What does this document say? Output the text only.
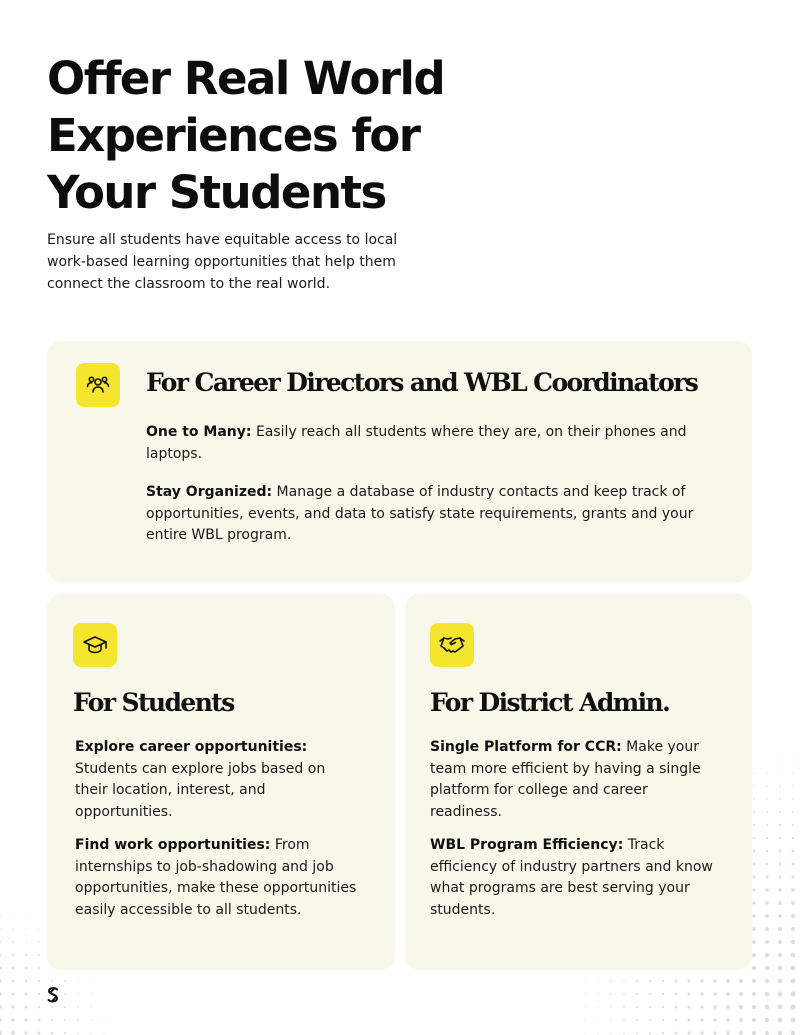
Offer Real World
Experiences for
Your Students

Ensure all students have equitable access to local
work-based learning opportunities that help them
connect the classroom to the real world.

For Career Directors and WBL Coordinators

One to Many: Easily reach all students where they are, on their phones and laptops.

Stay Organized: Manage a database of industry contacts and keep track of opportunities, events, and data to satisfy state requirements, grants and your entire WBL program.

For Students

Explore career opportunities: Students can explore jobs based on their location, interest, and opportunities.

Find work opportunities: From internships to job-shadowing and job opportunities, make these opportunities easily accessible to all students.

For District Admin.

Single Platform for CCR: Make your team more efficient by having a single platform for college and career readiness.

WBL Program Efficiency: Track efficiency of industry partners and know what programs are best serving your students.
